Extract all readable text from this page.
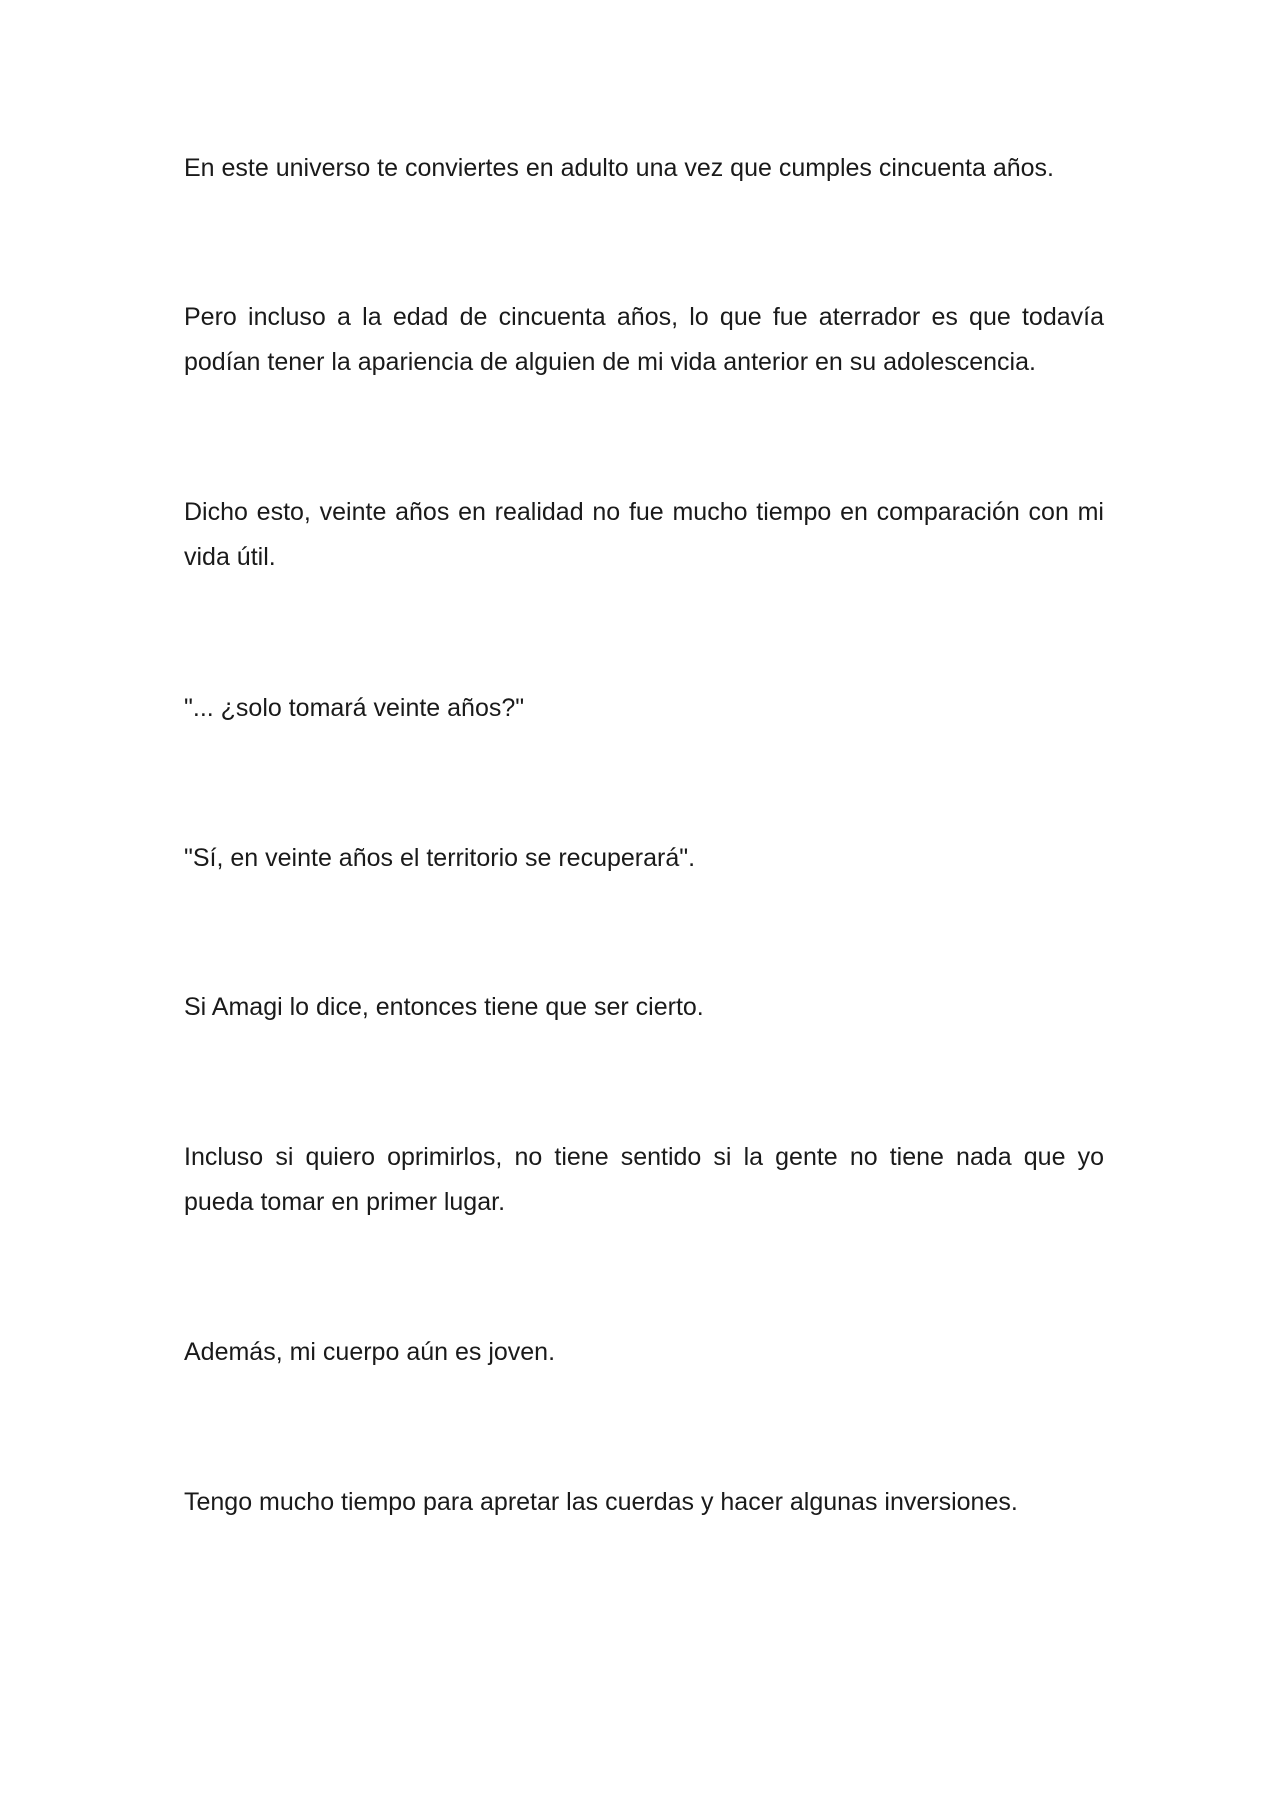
En este universo te conviertes en adulto una vez que cumples cincuenta años.

Pero incluso a la edad de cincuenta años, lo que fue aterrador es que todavía podían tener la apariencia de alguien de mi vida anterior en su adolescencia.

Dicho esto, veinte años en realidad no fue mucho tiempo en comparación con mi vida útil.

"... ¿solo tomará veinte años?"

"Sí, en veinte años el territorio se recuperará".

Si Amagi lo dice, entonces tiene que ser cierto.

Incluso si quiero oprimirlos, no tiene sentido si la gente no tiene nada que yo pueda tomar en primer lugar.

Además, mi cuerpo aún es joven.

Tengo mucho tiempo para apretar las cuerdas y hacer algunas inversiones.
